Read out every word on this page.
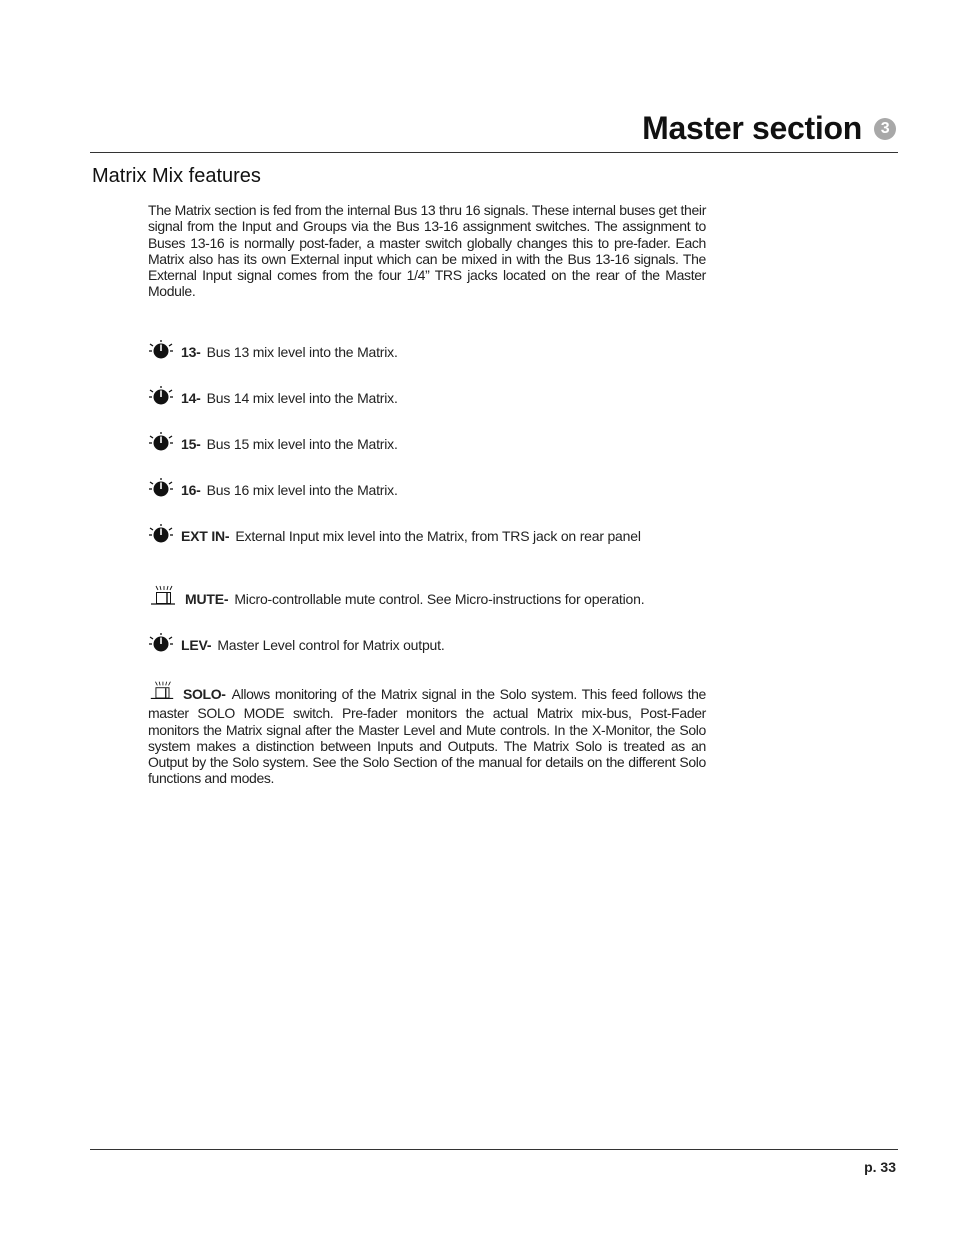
Master section	3
Matrix Mix features
The Matrix section is fed from the internal Bus 13 thru 16 signals. These internal buses get their signal from the Input and Groups via the Bus 13-16 assignment switches. The assignment to Buses 13-16 is normally post-fader, a master switch globally changes this to pre-fader. Each Matrix also has its own External input which can be mixed in with the Bus 13-16 signals. The External Input signal comes from the four 1/4” TRS jacks located on the rear of the Master Module.
13- Bus 13 mix level into the Matrix.
14- Bus 14 mix level into the Matrix.
15- Bus 15 mix level into the Matrix.
16- Bus 16 mix level into the Matrix.
EXT IN- External Input mix level into the Matrix, from TRS jack on rear panel
MUTE- Micro-controllable mute control. See Micro-instructions for operation.
LEV- Master Level control for Matrix output.
SOLO- Allows monitoring of the Matrix signal in the Solo system. This feed follows the master SOLO MODE switch. Pre-fader monitors the actual Matrix mix-bus, Post-Fader monitors the Matrix signal after the Master Level and Mute controls. In the X-Monitor, the Solo system makes a distinction between Inputs and Outputs. The Matrix Solo is treated as an Output by the Solo system. See the Solo Section of the manual for details on the different Solo functions and modes.
p. 33
